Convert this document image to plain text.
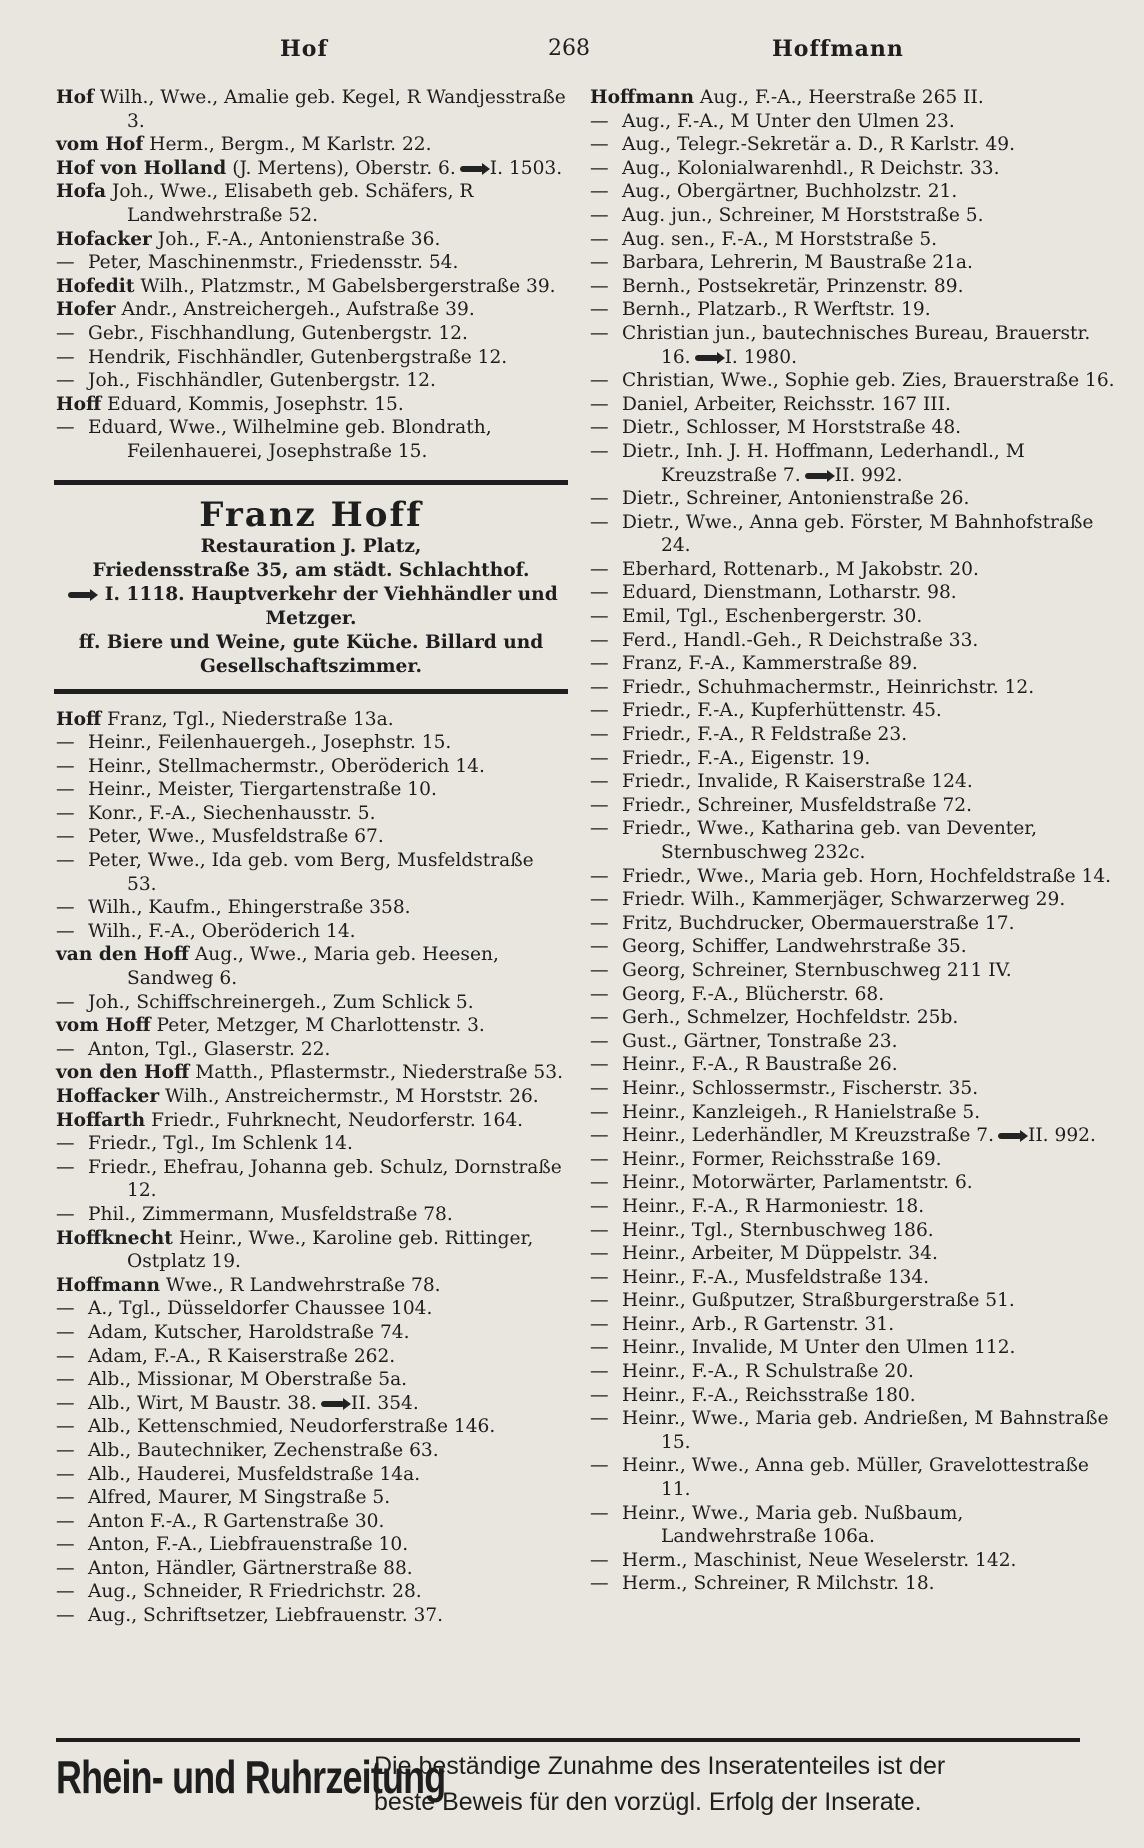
Hof	268	Hoffmann
Hof Wilh., Wwe., Amalie geb. Kegel, R Wandjesstraße 3.
vom Hof Herm., Bergm., M Karlstr. 22.
Hof von Holland (J. Mertens), Oberstr. 6. I. 1503.
Hofa Joh., Wwe., Elisabeth geb. Schäfers, R Landwehrstraße 52.
Hofacker Joh., F.-A., Antonienstraße 36.
— Peter, Maschinenmstr., Friedensstr. 54.
Hofedit Wilh., Platzmstr., M Gabelsbergerstraße 39.
Hofer Andr., Anstreichergeh., Aufstraße 39.
— Gebr., Fischhandlung, Gutenbergstr. 12.
— Hendrik, Fischhändler, Gutenbergstraße 12.
— Joh., Fischhändler, Gutenbergstr. 12.
Hoff Eduard, Kommis, Josephstr. 15.
— Eduard, Wwe., Wilhelmine geb. Blondrath, Feilenhauerei, Josephstraße 15.
Franz Hoff
Restauration J. Platz,
Friedensstraße 35, am städt. Schlachthof.
I. 1118. Hauptverkehr der Viehhändler und Metzger.
ff. Biere und Weine, gute Küche. Billard und Gesellschaftszimmer.
Hoff Franz, Tgl., Niederstraße 13a.
— Heinr., Feilenhauergeh., Josephstr. 15.
— Heinr., Stellmachermstr., Oberöderich 14.
— Heinr., Meister, Tiergartenstraße 10.
— Konr., F.-A., Siechenhausstr. 5.
— Peter, Wwe., Musfeldstraße 67.
— Peter, Wwe., Ida geb. vom Berg, Musfeldstraße 53.
— Wilh., Kaufm., Ehingerstraße 358.
— Wilh., F.-A., Oberöderich 14.
van den Hoff Aug., Wwe., Maria geb. Heesen, Sandweg 6.
— Joh., Schiffschreinergeh., Zum Schlick 5.
vom Hoff Peter, Metzger, M Charlottenstr. 3.
— Anton, Tgl., Glaserstr. 22.
von den Hoff Matth., Pflastermstr., Niederstraße 53.
Hoffacker Wilh., Anstreichermstr., M Horststr. 26.
Hoffarth Friedr., Fuhrknecht, Neudorferstr. 164.
— Friedr., Tgl., Im Schlenk 14.
— Friedr., Ehefrau, Johanna geb. Schulz, Dornstraße 12.
— Phil., Zimmermann, Musfeldstraße 78.
Hoffknecht Heinr., Wwe., Karoline geb. Rittinger, Ostplatz 19.
Hoffmann Wwe., R Landwehrstraße 78.
— A., Tgl., Düsseldorfer Chaussee 104.
— Adam, Kutscher, Haroldstraße 74.
— Adam, F.-A., R Kaiserstraße 262.
— Alb., Missionar, M Oberstraße 5a.
— Alb., Wirt, M Baustr. 38. II. 354.
— Alb., Kettenschmied, Neudorferstraße 146.
— Alb., Bautechniker, Zechenstraße 63.
— Alb., Hauderei, Musfeldstraße 14a.
— Alfred, Maurer, M Singstraße 5.
— Anton F.-A., R Gartenstraße 30.
— Anton, F.-A., Liebfrauenstraße 10.
— Anton, Händler, Gärtnerstraße 88.
— Aug., Schneider, R Friedrichstr. 28.
— Aug., Schriftsetzer, Liebfrauenstr. 37.
Hoffmann Aug., F.-A., Heerstraße 265 II.
— Aug., F.-A., M Unter den Ulmen 23.
— Aug., Telegr.-Sekretär a. D., R Karlstr. 49.
— Aug., Kolonialwarenhdl., R Deichstr. 33.
— Aug., Obergärtner, Buchholzstr. 21.
— Aug. jun., Schreiner, M Horststraße 5.
— Aug. sen., F.-A., M Horststraße 5.
— Barbara, Lehrerin, M Baustraße 21a.
— Bernh., Postsekretär, Prinzenstr. 89.
— Bernh., Platzarb., R Werftstr. 19.
— Christian jun., bautechnisches Bureau, Brauerstr. 16. I. 1980.
— Christian, Wwe., Sophie geb. Zies, Brauerstraße 16.
— Daniel, Arbeiter, Reichsstr. 167 III.
— Dietr., Schlosser, M Horststraße 48.
— Dietr., Inh. J. H. Hoffmann, Lederhandl., M Kreuzstraße 7. II. 992.
— Dietr., Schreiner, Antonienstraße 26.
— Dietr., Wwe., Anna geb. Förster, M Bahnhofstraße 24.
— Eberhard, Rottenarb., M Jakobstr. 20.
— Eduard, Dienstmann, Lotharstr. 98.
— Emil, Tgl., Eschenbergerstr. 30.
— Ferd., Handl.-Geh., R Deichstraße 33.
— Franz, F.-A., Kammerstraße 89.
— Friedr., Schuhmachermstr., Heinrichstr. 12.
— Friedr., F.-A., Kupferhüttenstr. 45.
— Friedr., F.-A., R Feldstraße 23.
— Friedr., F.-A., Eigenstr. 19.
— Friedr., Invalide, R Kaiserstraße 124.
— Friedr., Schreiner, Musfeldstraße 72.
— Friedr., Wwe., Katharina geb. van Deventer, Sternbuschweg 232c.
— Friedr., Wwe., Maria geb. Horn, Hochfeldstraße 14.
— Friedr. Wilh., Kammerjäger, Schwarzerweg 29.
— Fritz, Buchdrucker, Obermauerstraße 17.
— Georg, Schiffer, Landwehrstraße 35.
— Georg, Schreiner, Sternbuschweg 211 IV.
— Georg, F.-A., Blücherstr. 68.
— Gerh., Schmelzer, Hochfeldstr. 25b.
— Gust., Gärtner, Tonstraße 23.
— Heinr., F.-A., R Baustraße 26.
— Heinr., Schlossermstr., Fischerstr. 35.
— Heinr., Kanzleigeh., R Hanielstraße 5.
— Heinr., Lederhändler, M Kreuzstraße 7. II. 992.
— Heinr., Former, Reichsstraße 169.
— Heinr., Motorwärter, Parlamentstr. 6.
— Heinr., F.-A., R Harmoniestr. 18.
— Heinr., Tgl., Sternbuschweg 186.
— Heinr., Arbeiter, M Düppelstr. 34.
— Heinr., F.-A., Musfeldstraße 134.
— Heinr., Gußputzer, Straßburgerstraße 51.
— Heinr., Arb., R Gartenstr. 31.
— Heinr., Invalide, M Unter den Ulmen 112.
— Heinr., F.-A., R Schulstraße 20.
— Heinr., F.-A., Reichsstraße 180.
— Heinr., Wwe., Maria geb. Andrießen, M Bahnstraße 15.
— Heinr., Wwe., Anna geb. Müller, Gravelottestraße 11.
— Heinr., Wwe., Maria geb. Nußbaum, Landwehrstraße 106a.
— Herm., Maschinist, Neue Weselerstr. 142.
— Herm., Schreiner, R Milchstr. 18.
Rhein- und Ruhrzeitung
Die beständige Zunahme des Inseratenteiles ist der
beste Beweis für den vorzügl. Erfolg der Inserate.
